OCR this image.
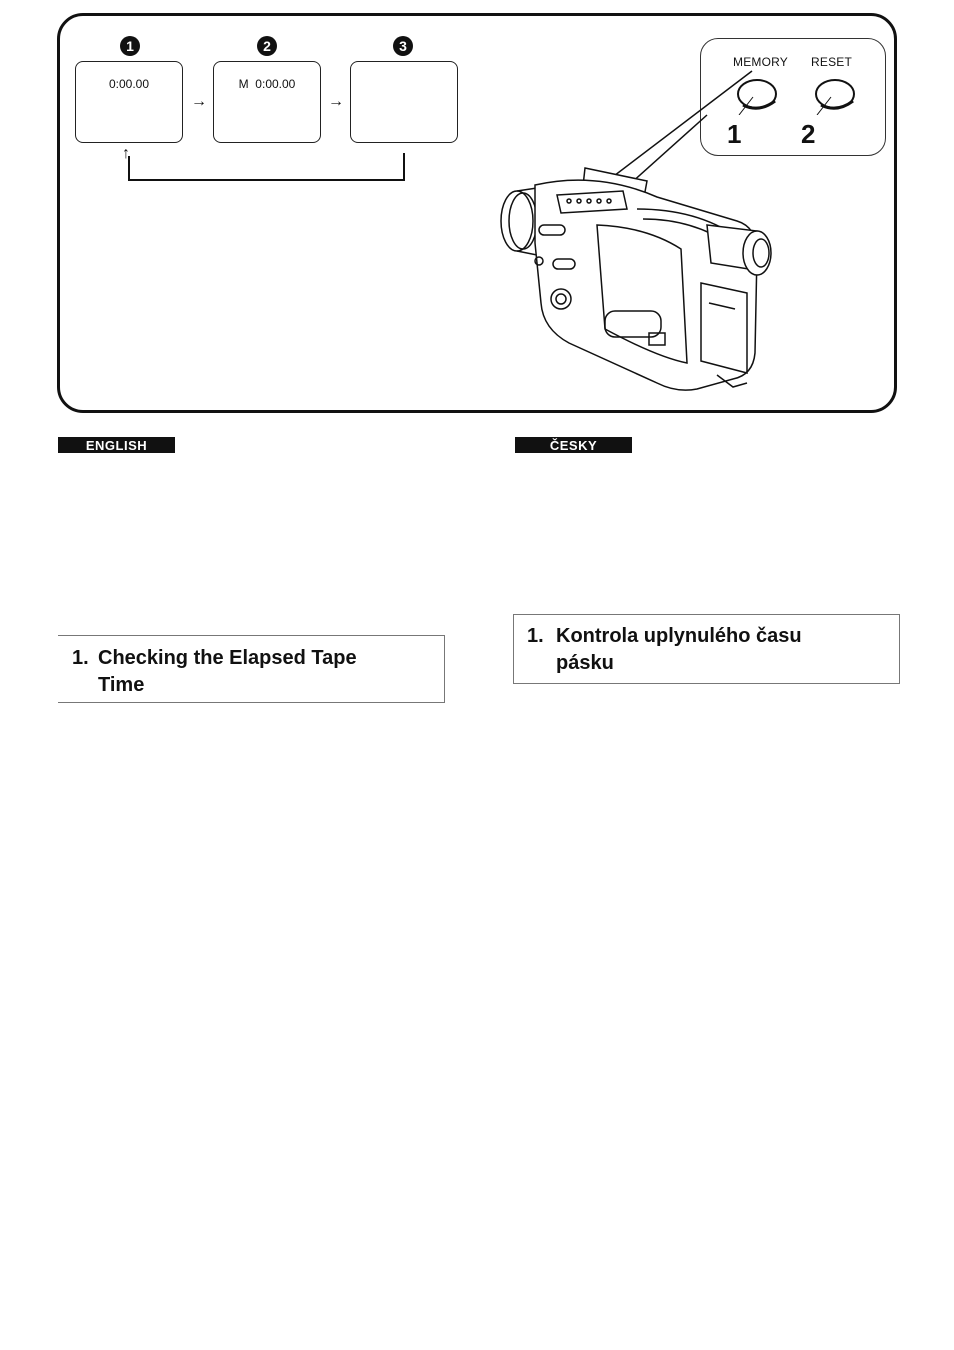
1	2	3
0:00.00
→
M  0:00.00
→
↑
MEMORY RESET
1 2
ENGLISH
1. Checking the Elapsed Tape
Time
ČESKY
1. Kontrola uplynulého času
pásku
